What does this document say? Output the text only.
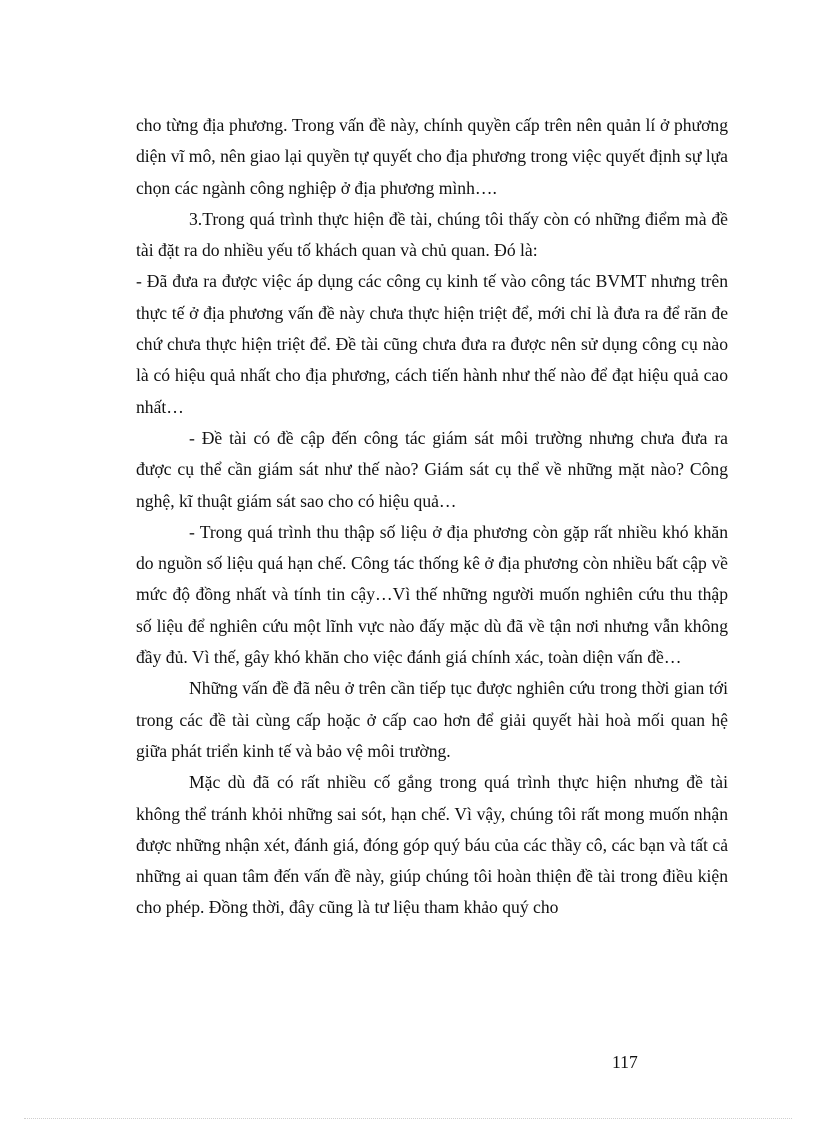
cho từng địa phương. Trong vấn đề này, chính quyền cấp trên nên quản lí ở phương diện vĩ mô, nên giao lại quyền tự quyết cho địa phương trong việc quyết định sự lựa chọn các ngành công nghiệp ở địa phương mình….

3.Trong quá trình thực hiện đề tài, chúng tôi thấy còn có những điểm mà đề tài đặt ra do nhiều yếu tố khách quan và chủ quan. Đó là:

- Đã đưa ra được việc áp dụng các công cụ kinh tế vào công tác BVMT nhưng trên thực tế ở địa phương vấn đề này chưa thực hiện triệt để, mới chỉ là đưa ra để răn đe chứ chưa thực hiện triệt để. Đề tài cũng chưa đưa ra được nên sử dụng công cụ nào là có hiệu quả nhất cho địa phương, cách tiến hành như thế nào để đạt hiệu quả cao nhất…

- Đề tài có đề cập đến công tác giám sát môi trường nhưng chưa đưa ra được cụ thể cần giám sát như thế nào? Giám sát cụ thể về những mặt nào? Công nghệ, kĩ thuật giám sát sao cho có hiệu quả…

- Trong quá trình thu thập số liệu ở địa phương còn gặp rất nhiều khó khăn do nguồn số liệu quá hạn chế. Công tác thống kê ở địa phương còn nhiều bất cập về mức độ đồng nhất và tính tin cậy…Vì thế những người muốn nghiên cứu thu thập số liệu để nghiên cứu một lĩnh vực nào đấy mặc dù đã về tận nơi nhưng vẫn không đầy đủ. Vì thế, gây khó khăn cho việc đánh giá chính xác, toàn diện vấn đề…

Những vấn đề đã nêu ở trên cần tiếp tục được nghiên cứu trong thời gian tới trong các đề tài cùng cấp hoặc ở cấp cao hơn để giải quyết hài hoà mối quan hệ giữa phát triển kinh tế và bảo vệ môi trường.

Mặc dù đã có rất nhiều cố gắng trong quá trình thực hiện nhưng đề tài không thể tránh khỏi những sai sót, hạn chế. Vì vậy, chúng tôi rất mong muốn nhận được những nhận xét, đánh giá, đóng góp quý báu của các thầy cô, các bạn và tất cả những ai quan tâm đến vấn đề này, giúp chúng tôi hoàn thiện đề tài trong điều kiện cho phép. Đồng thời, đây cũng là tư liệu tham khảo quý cho

117
